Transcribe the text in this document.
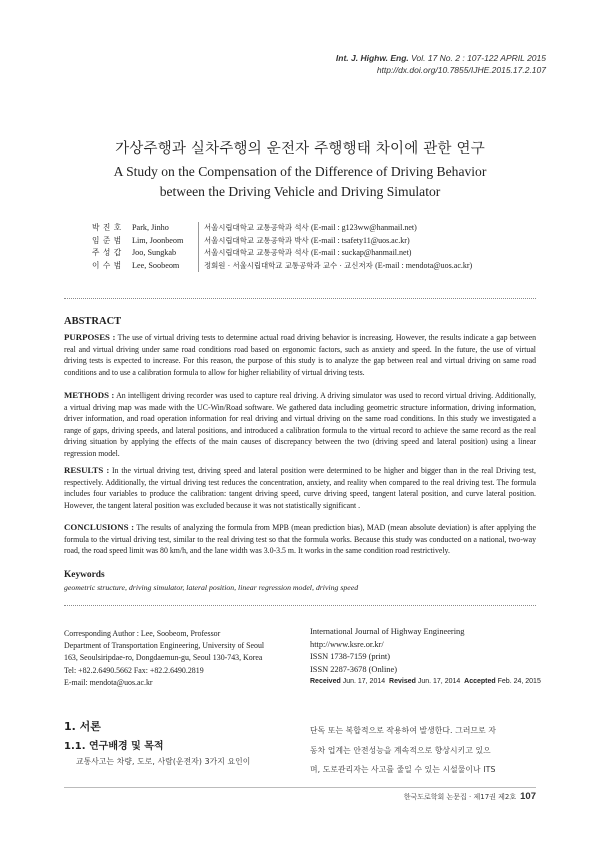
Int. J. Highw. Eng. Vol. 17 No. 2 : 107-122 APRIL 2015
http://dx.doi.org/10.7855/IJHE.2015.17.2.107
가상주행과 실차주행의 운전자 주행행태 차이에 관한 연구
A Study on the Compensation of the Difference of Driving Behavior
between the Driving Vehicle and Driving Simulator
박 진 호	Park, Jinho	서울시립대학교 교통공학과 석사 (E-mail : g123ww@hanmail.net)
임 준 범	Lim, Joonbeom	서울시립대학교 교통공학과 박사 (E-mail : tsafety11@uos.ac.kr)
주 성 갑	Joo, Sungkab	서울시립대학교 교통공학과 석사 (E-mail : suckap@hanmail.net)
이 수 범	Lee, Soobeom	정회원 · 서울시립대학교 교통공학과 교수 · 교신저자 (E-mail : mendota@uos.ac.kr)
ABSTRACT
PURPOSES : The use of virtual driving tests to determine actual road driving behavior is increasing. However, the results indicate a gap between real and virtual driving under same road conditions road based on ergonomic factors, such as anxiety and speed. In the future, the use of virtual driving tests is expected to increase. For this reason, the purpose of this study is to analyze the gap between real and virtual driving on same road conditions and to use a calibration formula to allow for higher reliability of virtual driving tests.
METHODS : An intelligent driving recorder was used to capture real driving. A driving simulator was used to record virtual driving. Additionally, a virtual driving map was made with the UC-Win/Road software. We gathered data including geometric structure information, driving information, driver information, and road operation information for real driving and virtual driving on the same road conditions. In this study we investigated a range of gaps, driving speeds, and lateral positions, and introduced a calibration formula to the virtual record to achieve the same record as the real driving situation by applying the effects of the main causes of discrepancy between the two (driving speed and lateral position) using a linear regression model.
RESULTS : In the virtual driving test, driving speed and lateral position were determined to be higher and bigger than in the real Driving test, respectively. Additionally, the virtual driving test reduces the concentration, anxiety, and reality when compared to the real driving test. The formula includes four variables to produce the calibration: tangent driving speed, curve driving speed, tangent lateral position, and curve lateral position. However, the tangent lateral position was excluded because it was not statistically significant .
CONCLUSIONS : The results of analyzing the formula from MPB (mean prediction bias), MAD (mean absolute deviation) is after applying the formula to the virtual driving test, similar to the real driving test so that the formula works. Because this study was conducted on a national, two-way road, the road speed limit was 80 km/h, and the lane width was 3.0-3.5 m. It works in the same condition road restrictively.
Keywords
geometric structure, driving simulator, lateral position, linear regression model, driving speed
Corresponding Author : Lee, Soobeom, Professor
Department of Transportation Engineering, University of Seoul
163, Seoulsiripdae-ro, Dongdaemun-gu, Seoul 130-743, Korea
Tel: +82.2.6490.5662 Fax: +82.2.6490.2819
E-mail: mendota@uos.ac.kr
International Journal of Highway Engineering
http://www.ksre.or.kr/
ISSN 1738-7159 (print)
ISSN 2287-3678 (Online)
Received Jun. 17, 2014 Revised Jun. 17, 2014 Accepted Feb. 24, 2015
1. 서론
1.1. 연구배경 및 목적
교통사고는 차량, 도로, 사람(운전자) 3가지 요인이
단독 또는 복합적으로 작용하여 발생한다. 그러므로 자
동차 업계는 안전성능을 계속적으로 향상시키고 있으
며, 도로관리자는 사고를 줄일 수 있는 시설물이나 ITS
한국도로학회 논문집 · 제17권 제2호 107
